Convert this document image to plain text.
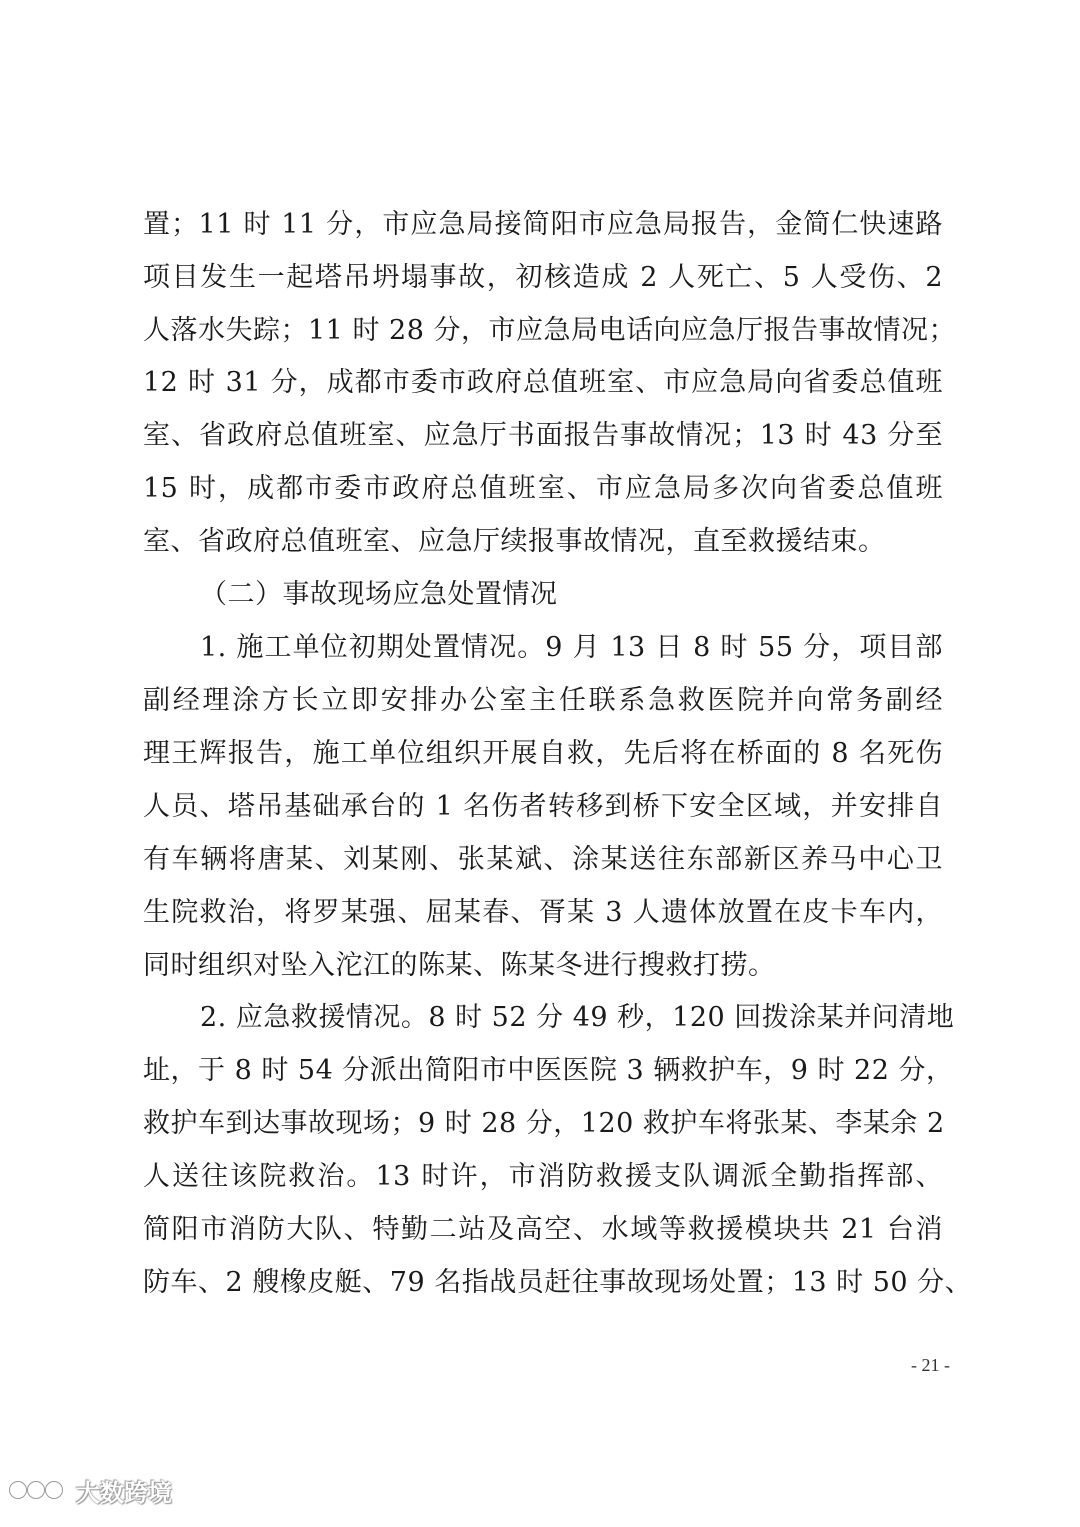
置；11 时 11 分，市应急局接简阳市应急局报告，金简仁快速路
项目发生一起塔吊坍塌事故，初核造成 2 人死亡、5 人受伤、2
人落水失踪；11 时 28 分，市应急局电话向应急厅报告事故情况；
12 时 31 分，成都市委市政府总值班室、市应急局向省委总值班
室、省政府总值班室、应急厅书面报告事故情况；13 时 43 分至
15 时，成都市委市政府总值班室、市应急局多次向省委总值班
室、省政府总值班室、应急厅续报事故情况，直至救援结束。
（二）事故现场应急处置情况
1. 施工单位初期处置情况。9 月 13 日 8 时 55 分，项目部
副经理涂方长立即安排办公室主任联系急救医院并向常务副经
理王辉报告，施工单位组织开展自救，先后将在桥面的 8 名死伤
人员、塔吊基础承台的 1 名伤者转移到桥下安全区域，并安排自
有车辆将唐某、刘某刚、张某斌、涂某送往东部新区养马中心卫
生院救治，将罗某强、屈某春、胥某 3 人遗体放置在皮卡车内，
同时组织对坠入沱江的陈某、陈某冬进行搜救打捞。
2. 应急救援情况。8 时 52 分 49 秒，120 回拨涂某并问清地
址，于 8 时 54 分派出简阳市中医医院 3 辆救护车，9 时 22 分，
救护车到达事故现场；9 时 28 分，120 救护车将张某、李某余 2
人送往该院救治。13 时许，市消防救援支队调派全勤指挥部、
简阳市消防大队、特勤二站及高空、水域等救援模块共 21 台消
防车、2 艘橡皮艇、79 名指战员赶往事故现场处置；13 时 50 分、
- 21 -
大数跨境
